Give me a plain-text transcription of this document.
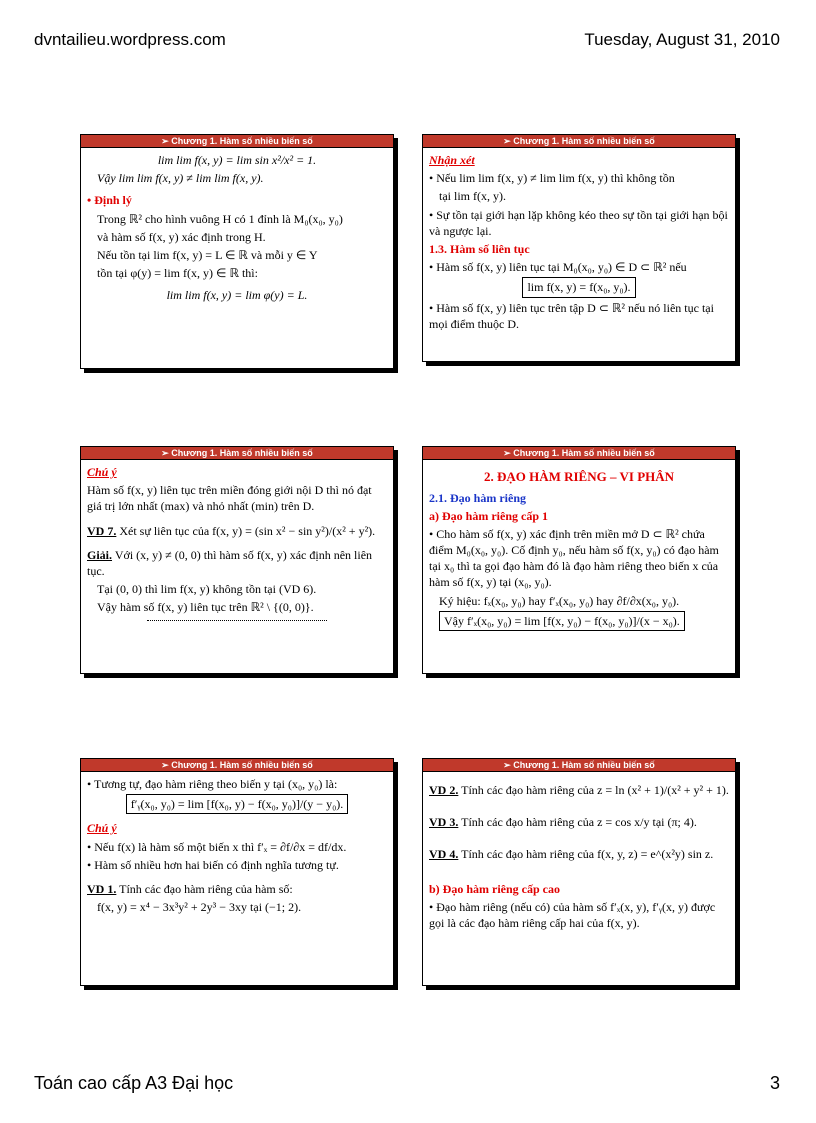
dvntailieu.wordpress.com	Tuesday, August 31, 2010
➢ Chương 1. Hàm số nhiều biến số
lim lim f(x, y) = lim sin x²/x² = 1.
Vậy lim lim f(x, y) ≠ lim lim f(x, y).
• Định lý
Trong ℝ² cho hình vuông H có 1 đỉnh là M₀(x₀, y₀)
và hàm số f(x, y) xác định trong H.
Nếu tồn tại lim f(x, y) = L ∈ ℝ và mỗi y ∈ Y
tồn tại φ(y) = lim f(x, y) ∈ ℝ thì:
lim lim f(x, y) = lim φ(y) = L.
➢ Chương 1. Hàm số nhiều biến số
Nhận xét
• Nếu lim lim f(x, y) ≠ lim lim f(x, y) thì không tồn
tại lim f(x, y).
• Sự tồn tại giới hạn lặp không kéo theo sự tồn tại giới hạn bội và ngược lại.
1.3. Hàm số liên tục
• Hàm số f(x, y) liên tục tại M₀(x₀, y₀) ∈ D ⊂ ℝ² nếu
lim f(x, y) = f(x₀, y₀).
• Hàm số f(x, y) liên tục trên tập D ⊂ ℝ² nếu nó liên tục tại mọi điểm thuộc D.
➢ Chương 1. Hàm số nhiều biến số
Chú ý
Hàm số f(x, y) liên tục trên miền đóng giới nội D thì nó đạt giá trị lớn nhất (max) và nhỏ nhất (min) trên D.
VD 7. Xét sự liên tục của f(x, y) = (sin x² − sin y²)/(x² + y²).
Giải. Với (x, y) ≠ (0, 0) thì hàm số f(x, y) xác định nên liên tục.
Tại (0, 0) thì lim f(x, y) không tồn tại (VD 6).
Vậy hàm số f(x, y) liên tục trên ℝ² \ {(0, 0)}.
➢ Chương 1. Hàm số nhiều biến số
2. ĐẠO HÀM RIÊNG – VI PHÂN
2.1. Đạo hàm riêng
a) Đạo hàm riêng cấp 1
• Cho hàm số f(x, y) xác định trên miền mở D ⊂ ℝ² chứa điểm M₀(x₀, y₀). Cố định y₀, nếu hàm số f(x, y₀) có đạo hàm tại x₀ thì ta gọi đạo hàm đó là đạo hàm riêng theo biến x của hàm số f(x, y) tại (x₀, y₀).
Ký hiệu: fₓ(x₀, y₀) hay f′ₓ(x₀, y₀) hay ∂f/∂x(x₀, y₀).
Vậy f′ₓ(x₀, y₀) = lim [f(x, y₀) − f(x₀, y₀)]/(x − x₀).
➢ Chương 1. Hàm số nhiều biến số
• Tương tự, đạo hàm riêng theo biến y tại (x₀, y₀) là:
f′ᵧ(x₀, y₀) = lim [f(x₀, y) − f(x₀, y₀)]/(y − y₀).
Chú ý
• Nếu f(x) là hàm số một biến x thì f′ₓ = ∂f/∂x = df/dx.
• Hàm số nhiều hơn hai biến có định nghĩa tương tự.
VD 1. Tính các đạo hàm riêng của hàm số:
f(x, y) = x⁴ − 3x³y² + 2y³ − 3xy tại (−1; 2).
➢ Chương 1. Hàm số nhiều biến số
VD 2. Tính các đạo hàm riêng của z = ln (x² + 1)/(x² + y² + 1).
VD 3. Tính các đạo hàm riêng của z = cos x/y tại (π; 4).
VD 4. Tính các đạo hàm riêng của f(x, y, z) = e^(x²y) sin z.
b) Đạo hàm riêng cấp cao
• Đạo hàm riêng (nếu có) của hàm số f′ₓ(x, y), f′ᵧ(x, y) được gọi là các đạo hàm riêng cấp hai của f(x, y).
Toán cao cấp A3 Đại học	3
